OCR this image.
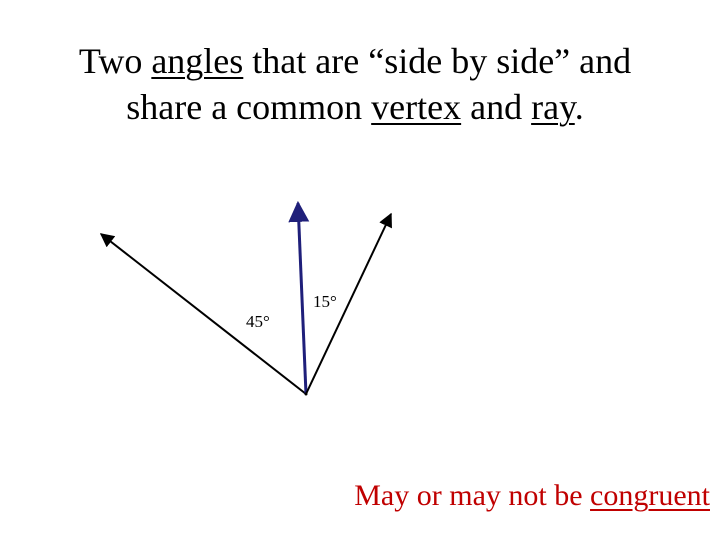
Two angles that are “side by side” and
share a common vertex and ray.
45°
15°
May or may not be congruent
